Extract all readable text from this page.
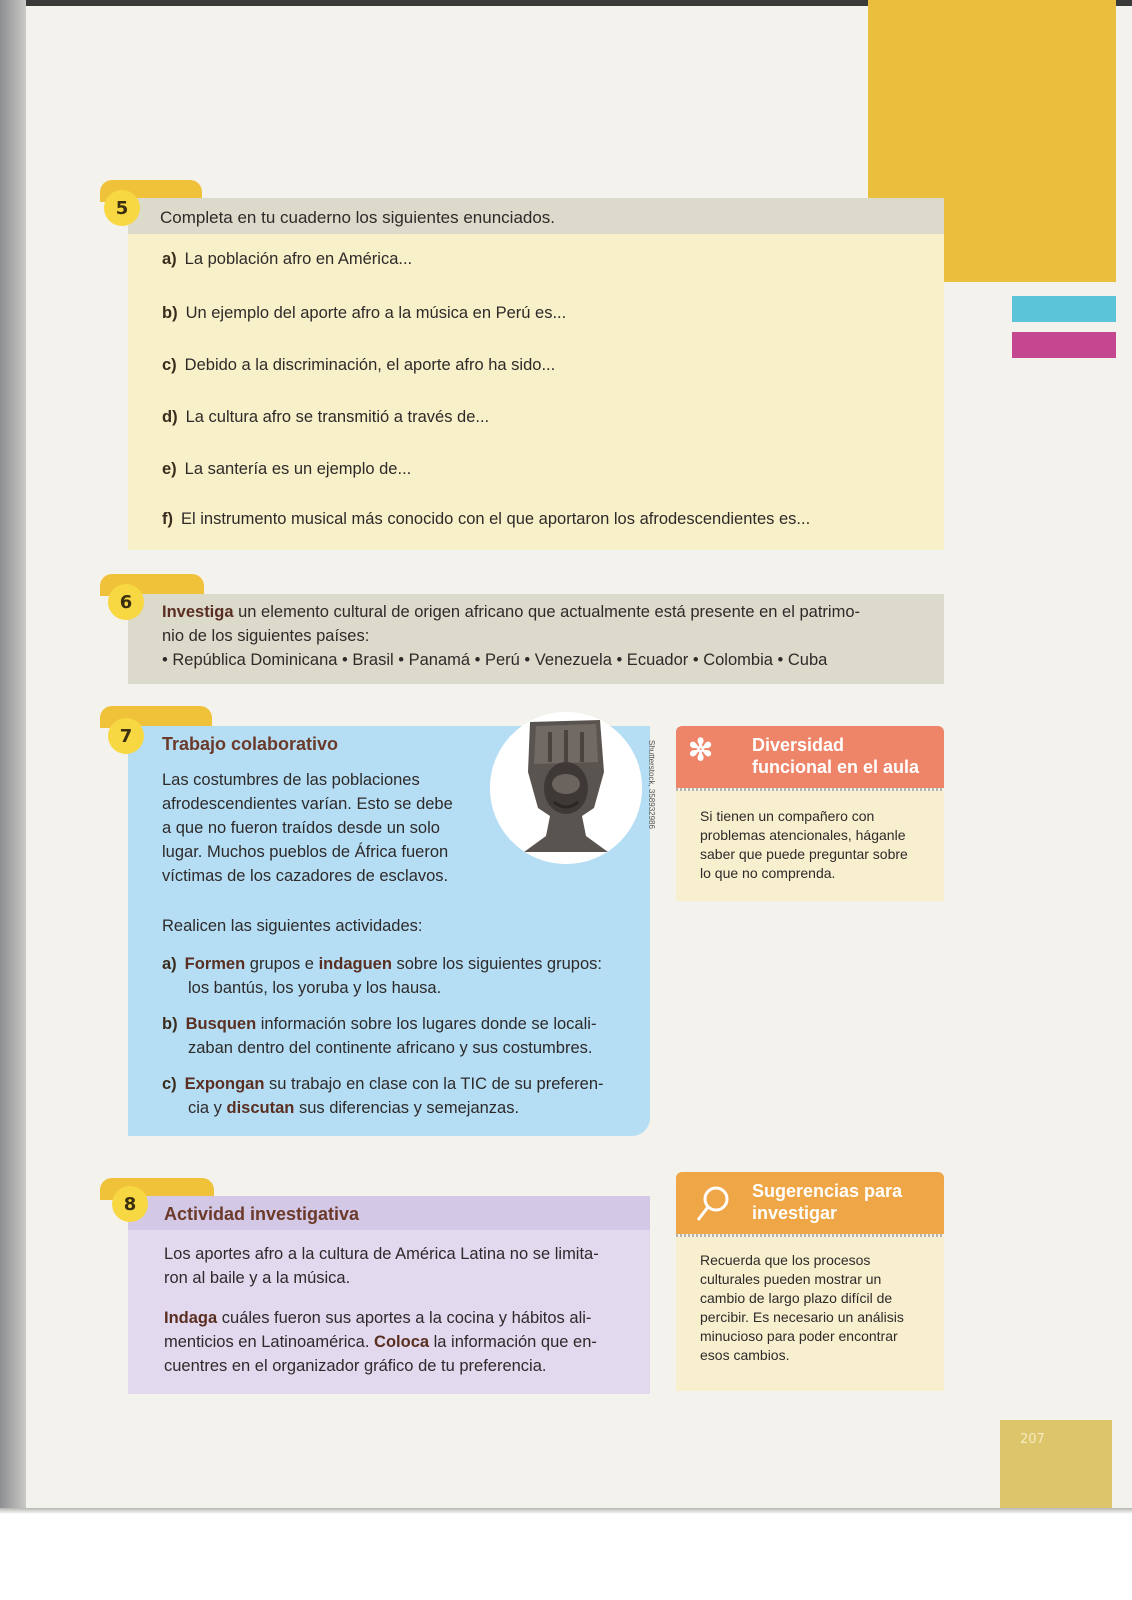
5	Completa en tu cuaderno los siguientes enunciados.
a) La población afro en América...
b) Un ejemplo del aporte afro a la música en Perú es...
c) Debido a la discriminación, el aporte afro ha sido...
d) La cultura afro se transmitió a través de...
e) La santería es un ejemplo de...
f) El instrumento musical más conocido con el que aportaron los afrodescendientes es...
6	Investiga un elemento cultural de origen africano que actualmente está presente en el patrimo-
nio de los siguientes países:
• República Dominicana • Brasil • Panamá • Perú • Venezuela • Ecuador • Colombia • Cuba
7	Trabajo colaborativo	Shutterstock, 358932986
Las costumbres de las poblaciones
afrodescendientes varían. Esto se debe
a que no fueron traídos desde un solo
lugar. Muchos pueblos de África fueron
víctimas de los cazadores de esclavos.
Realicen las siguientes actividades:
a) Formen grupos e indaguen sobre los siguientes grupos:
los bantús, los yoruba y los hausa.
b) Busquen información sobre los lugares donde se locali-
zaban dentro del continente africano y sus costumbres.
c) Expongan su trabajo en clase con la TIC de su preferen-
cia y discutan sus diferencias y semejanzas.
✼ Diversidad
funcional en el aula
Si tienen un compañero con
problemas atencionales, háganle
saber que puede preguntar sobre
lo que no comprenda.
8	Actividad investigativa
Los aportes afro a la cultura de América Latina no se limita-
ron al baile y a la música.
Indaga cuáles fueron sus aportes a la cocina y hábitos ali-
menticios en Latinoamérica. Coloca la información que en-
cuentres en el organizador gráfico de tu preferencia.
Sugerencias para
investigar
Recuerda que los procesos
culturales pueden mostrar un
cambio de largo plazo difícil de
percibir. Es necesario un análisis
minucioso para poder encontrar
esos cambios.
207
